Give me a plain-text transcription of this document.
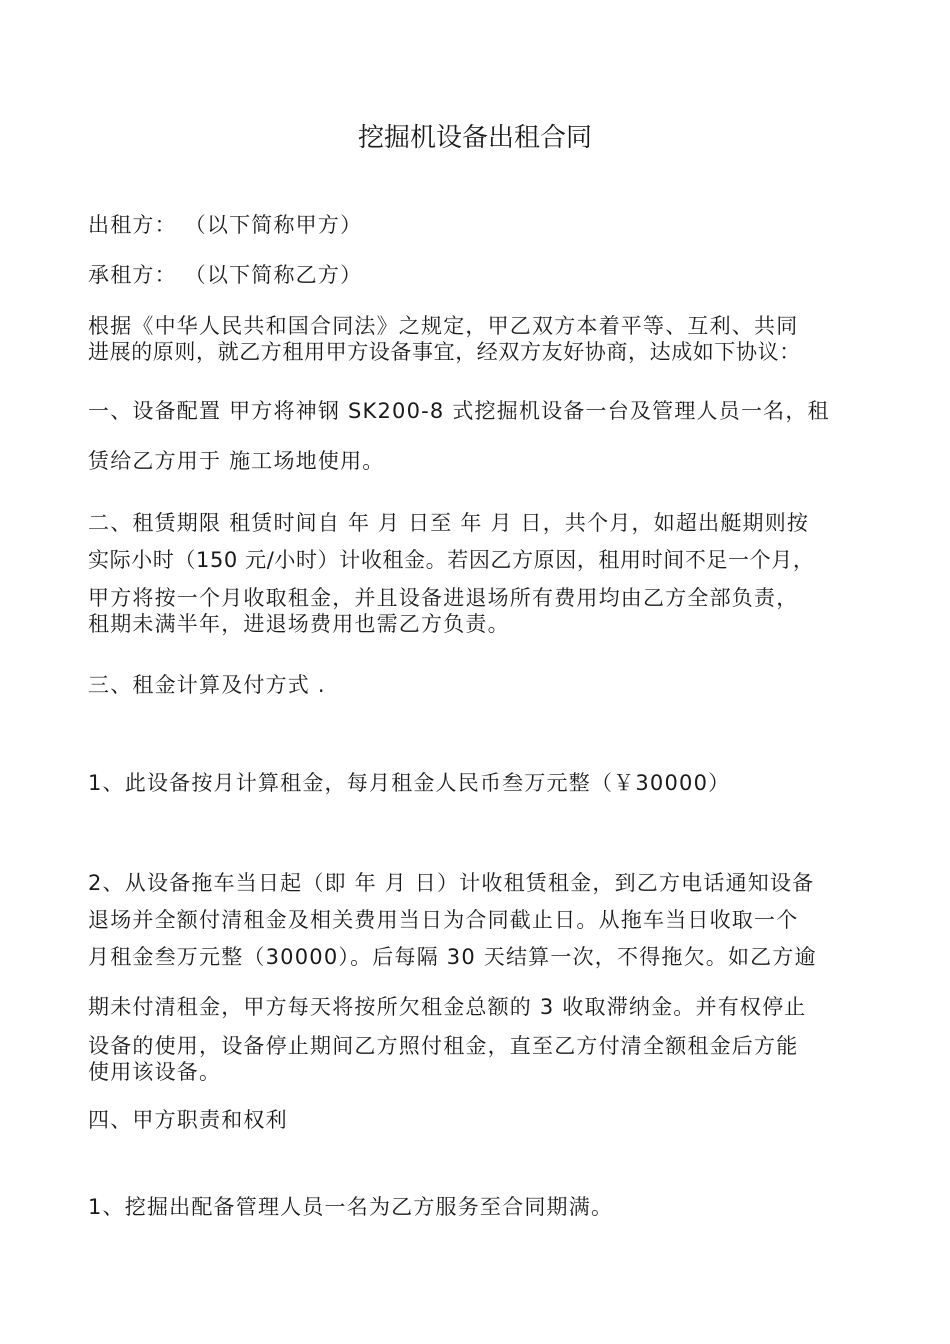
挖掘机设备出租合同
出租方： （以下简称甲方）
承租方： （以下简称乙方）
根据《中华人民共和国合同法》之规定，甲乙双方本着平等、互利、共同
进展的原则，就乙方租用甲方设备事宜，经双方友好协商，达成如下协议：
一、设备配置 甲方将神钢 SK200-8 式挖掘机设备一台及管理人员一名，租
赁给乙方用于 施工场地使用。
二、租赁期限 租赁时间自 年 月 日至 年 月 日，共个月，如超出艇期则按
实际小时（150 元/小时）计收租金。若因乙方原因，租用时间不足一个月，
甲方将按一个月收取租金，并且设备进退场所有费用均由乙方全部负责，
租期未满半年，进退场费用也需乙方负责。
三、租金计算及付方式 .
1、此设备按月计算租金，每月租金人民币叁万元整（￥30000）
2、从设备拖车当日起（即 年 月 日）计收租赁租金，到乙方电话通知设备
退场并全额付清租金及相关费用当日为合同截止日。从拖车当日收取一个
月租金叁万元整（30000）。后每隔 30 天结算一次，不得拖欠。如乙方逾
期未付清租金，甲方每天将按所欠租金总额的 3 收取滞纳金。并有权停止
设备的使用，设备停止期间乙方照付租金，直至乙方付清全额租金后方能
使用该设备。
四、甲方职责和权利
1、挖掘出配备管理人员一名为乙方服务至合同期满。
